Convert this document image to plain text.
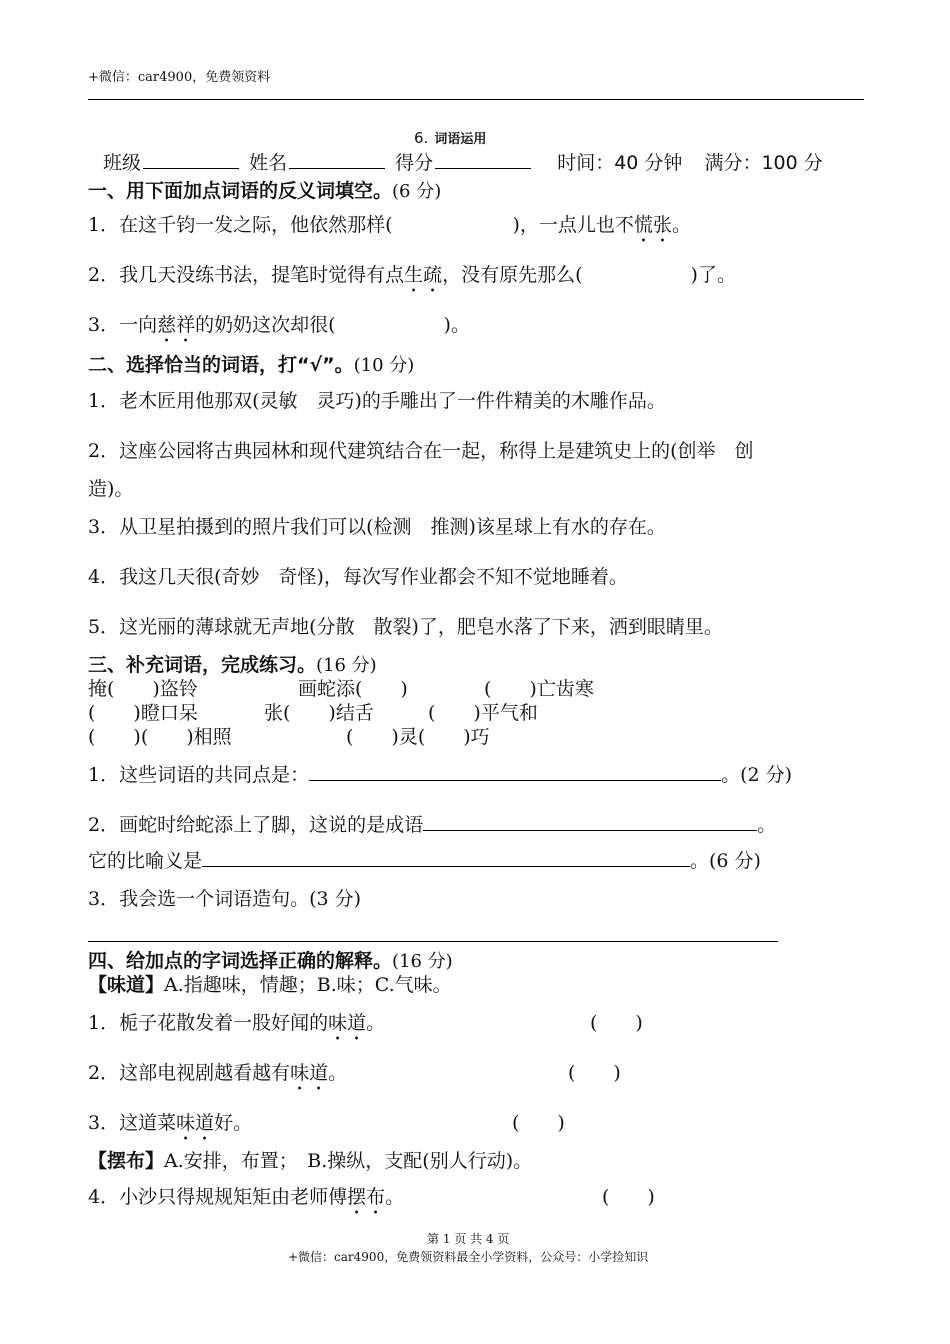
+微信：car4900，免费领资料
6. 词语运用
班级	姓名	得分	时间：40 分钟 满分：100 分
一、用下面加点词语的反义词填空。(6 分)
1．在这千钧一发之际，他依然那样(	)，一点儿也不慌张。
2．我几天没练书法，提笔时觉得有点生疏，没有原先那么(	)了。
3．一向慈祥的奶奶这次却很(	)。
二、选择恰当的词语，打“√”。(10 分)
1．老木匠用他那双(灵敏　灵巧)的手雕出了一件件精美的木雕作品。
2．这座公园将古典园林和现代建筑结合在一起，称得上是建筑史上的(创举　创
造)。
3．从卫星拍摄到的照片我们可以(检测　推测)该星球上有水的存在。
4．我这几天很(奇妙　奇怪)，每次写作业都会不知不觉地睡着。
5．这光丽的薄球就无声地(分散　散裂)了，肥皂水落了下来，洒到眼睛里。
三、补充词语，完成练习。(16 分)
掩(　　)盗铃	画蛇添(　　)	(　　)亡齿寒
(　　)瞪口呆	张(　　)结舌	(　　)平气和
(　　)(　　)相照	(　　)灵(　　)巧
1．这些词语的共同点是：	。(2 分)
2．画蛇时给蛇添上了脚，这说的是成语	。
它的比喻义是	。(6 分)
3．我会选一个词语造句。(3 分)
四、给加点的字词选择正确的解释。(16 分)
【味道】A.指趣味，情趣；B.味；C.气味。
1．栀子花散发着一股好闻的味道。	(　　)
2．这部电视剧越看越有味道。	(　　)
3．这道菜味道好。	(　　)
【摆布】A.安排，布置；　B.操纵，支配(别人行动)。
4．小沙只得规规矩矩由老师傅摆布。	(　　)
第 1 页 共 4 页
+微信：car4900，免费领资料最全小学资料，公众号：小学捡知识
